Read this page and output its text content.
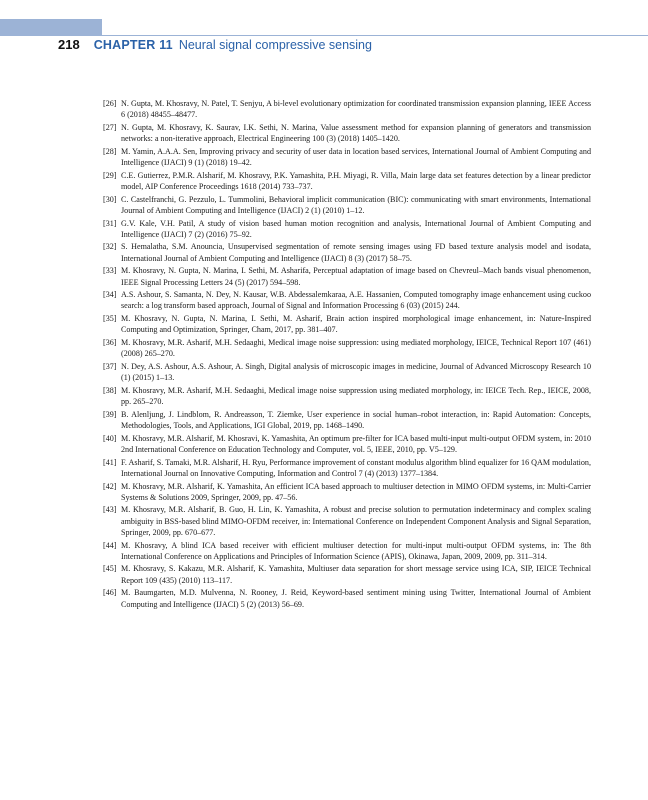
218 CHAPTER 11 Neural signal compressive sensing
[26] N. Gupta, M. Khosravy, N. Patel, T. Senjyu, A bi-level evolutionary optimization for coordinated transmission expansion planning, IEEE Access 6 (2018) 48455–48477.
[27] N. Gupta, M. Khosravy, K. Saurav, I.K. Sethi, N. Marina, Value assessment method for expansion planning of generators and transmission networks: a non-iterative approach, Electrical Engineering 100 (3) (2018) 1405–1420.
[28] M. Yamin, A.A.A. Sen, Improving privacy and security of user data in location based services, International Journal of Ambient Computing and Intelligence (IJACI) 9 (1) (2018) 19–42.
[29] C.E. Gutierrez, P.M.R. Alsharif, M. Khosravy, P.K. Yamashita, P.H. Miyagi, R. Villa, Main large data set features detection by a linear predictor model, AIP Conference Proceedings 1618 (2014) 733–737.
[30] C. Castelfranchi, G. Pezzulo, L. Tummolini, Behavioral implicit communication (BIC): communicating with smart environments, International Journal of Ambient Computing and Intelligence (IJACI) 2 (1) (2010) 1–12.
[31] G.V. Kale, V.H. Patil, A study of vision based human motion recognition and analysis, International Journal of Ambient Computing and Intelligence (IJACI) 7 (2) (2016) 75–92.
[32] S. Hemalatha, S.M. Anouncia, Unsupervised segmentation of remote sensing images using FD based texture analysis model and isodata, International Journal of Ambient Computing and Intelligence (IJACI) 8 (3) (2017) 58–75.
[33] M. Khosravy, N. Gupta, N. Marina, I. Sethi, M. Asharifa, Perceptual adaptation of image based on Chevreul–Mach bands visual phenomenon, IEEE Signal Processing Letters 24 (5) (2017) 594–598.
[34] A.S. Ashour, S. Samanta, N. Dey, N. Kausar, W.B. Abdessalemkaraa, A.E. Hassanien, Computed tomography image enhancement using cuckoo search: a log transform based approach, Journal of Signal and Information Processing 6 (03) (2015) 244.
[35] M. Khosravy, N. Gupta, N. Marina, I. Sethi, M. Asharif, Brain action inspired morphological image enhancement, in: Nature-Inspired Computing and Optimization, Springer, Cham, 2017, pp. 381–407.
[36] M. Khosravy, M.R. Asharif, M.H. Sedaaghi, Medical image noise suppression: using mediated morphology, IEICE, Technical Report 107 (461) (2008) 265–270.
[37] N. Dey, A.S. Ashour, A.S. Ashour, A. Singh, Digital analysis of microscopic images in medicine, Journal of Advanced Microscopy Research 10 (1) (2015) 1–13.
[38] M. Khosravy, M.R. Asharif, M.H. Sedaaghi, Medical image noise suppression using mediated morphology, in: IEICE Tech. Rep., IEICE, 2008, pp. 265–270.
[39] B. Alenljung, J. Lindblom, R. Andreasson, T. Ziemke, User experience in social human–robot interaction, in: Rapid Automation: Concepts, Methodologies, Tools, and Applications, IGI Global, 2019, pp. 1468–1490.
[40] M. Khosravy, M.R. Alsharif, M. Khosravi, K. Yamashita, An optimum pre-filter for ICA based multi-input multi-output OFDM system, in: 2010 2nd International Conference on Education Technology and Computer, vol. 5, IEEE, 2010, pp. V5–129.
[41] F. Asharif, S. Tamaki, M.R. Alsharif, H. Ryu, Performance improvement of constant modulus algorithm blind equalizer for 16 QAM modulation, International Journal on Innovative Computing, Information and Control 7 (4) (2013) 1377–1384.
[42] M. Khosravy, M.R. Alsharif, K. Yamashita, An efficient ICA based approach to multiuser detection in MIMO OFDM systems, in: Multi-Carrier Systems & Solutions 2009, Springer, 2009, pp. 47–56.
[43] M. Khosravy, M.R. Alsharif, B. Guo, H. Lin, K. Yamashita, A robust and precise solution to permutation indeterminacy and complex scaling ambiguity in BSS-based blind MIMO-OFDM receiver, in: International Conference on Independent Component Analysis and Signal Separation, Springer, 2009, pp. 670–677.
[44] M. Khosravy, A blind ICA based receiver with efficient multiuser detection for multi-input multi-output OFDM systems, in: The 8th International Conference on Applications and Principles of Information Science (APIS), Okinawa, Japan, 2009, 2009, pp. 311–314.
[45] M. Khosravy, S. Kakazu, M.R. Alsharif, K. Yamashita, Multiuser data separation for short message service using ICA, SIP, IEICE Technical Report 109 (435) (2010) 113–117.
[46] M. Baumgarten, M.D. Mulvenna, N. Rooney, J. Reid, Keyword-based sentiment mining using Twitter, International Journal of Ambient Computing and Intelligence (IJACI) 5 (2) (2013) 56–69.
